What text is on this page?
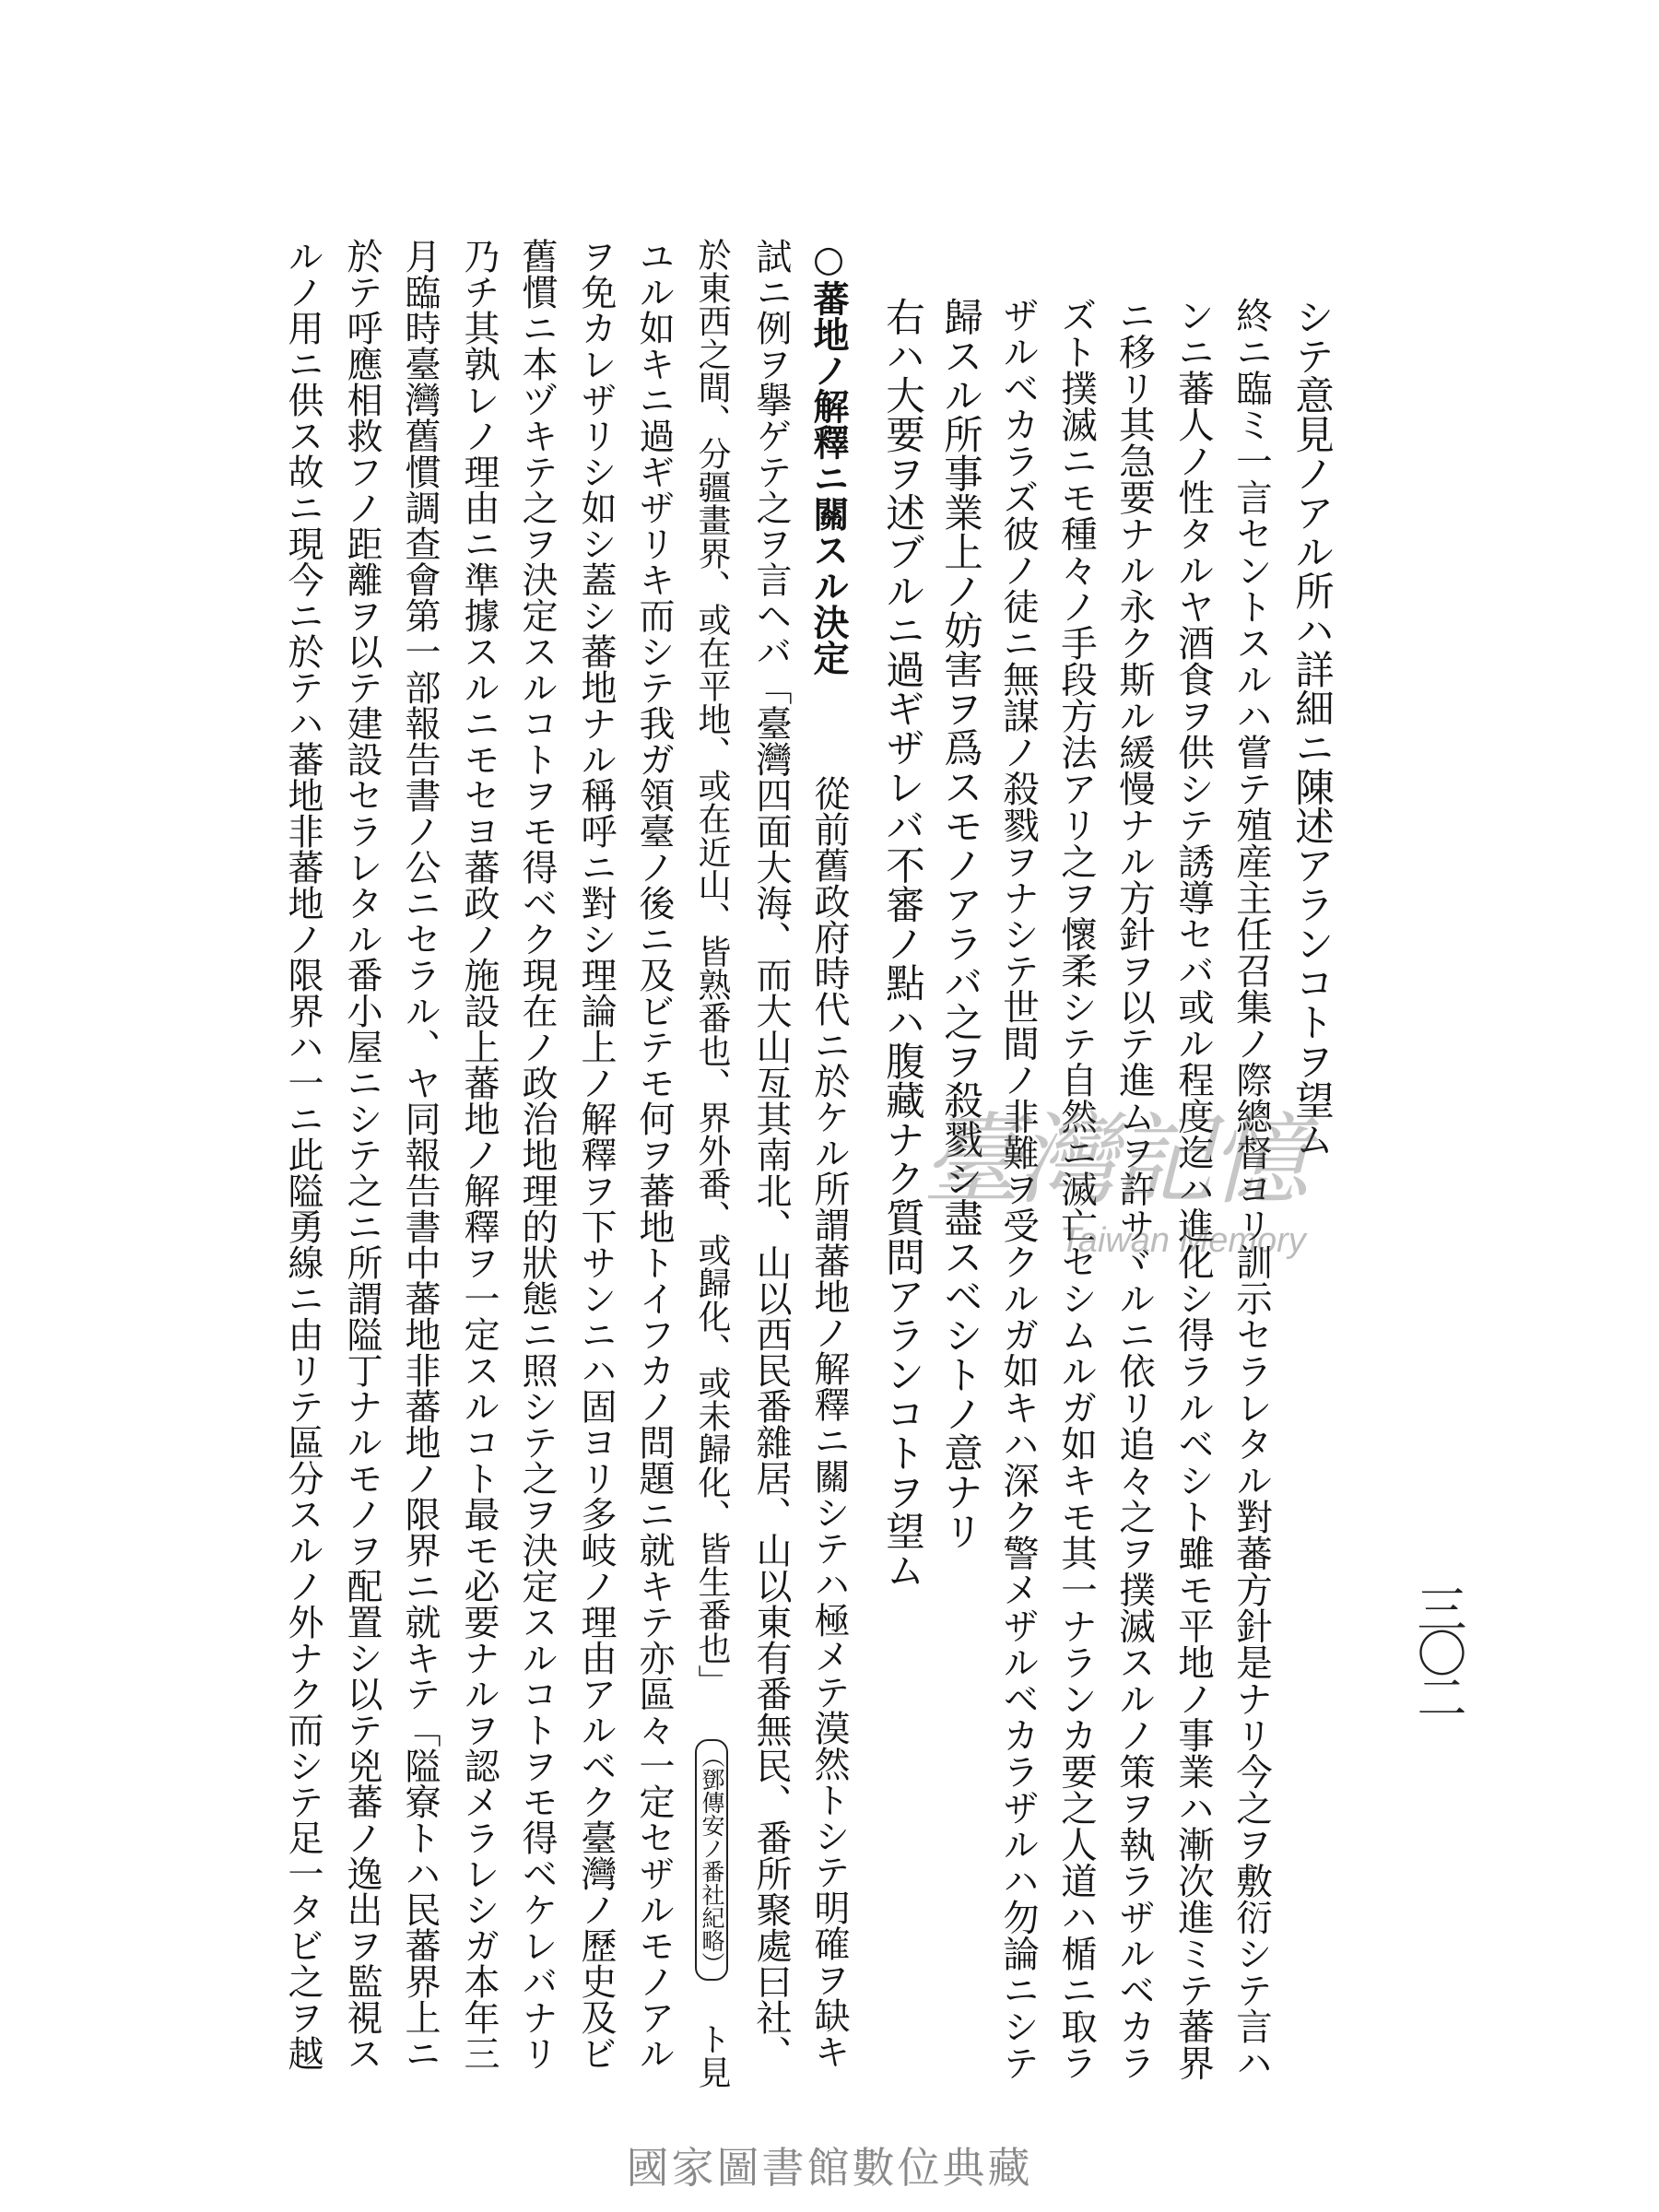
三〇二
シテ意見ノアル所ハ詳細ニ陳述アランコトヲ望ム
終ニ臨ミ一言セントスルハ嘗テ殖産主任召集ノ際總督ヨリ訓示セラレタル對蕃方針是ナリ今之ヲ敷衍シテ言ハ
ンニ蕃人ノ性タルヤ酒食ヲ供シテ誘導セバ或ル程度迄ハ進化シ得ラルベシト雖モ平地ノ事業ハ漸次進ミテ蕃界
ニ移リ其急要ナル永ク斯ル緩慢ナル方針ヲ以テ進ムヲ許サヾルニ依リ追々之ヲ撲滅スルノ策ヲ執ラザルベカラ
ズト撲滅ニモ種々ノ手段方法アリ之ヲ懷柔シテ自然ニ滅亡セシムルガ如キモ其一ナランカ要之人道ハ楯ニ取ラ
ザルベカラズ彼ノ徒ニ無謀ノ殺戮ヲナシテ世間ノ非難ヲ受クルガ如キハ深ク警メザルベカラザルハ勿論ニシテ
歸スル所事業上ノ妨害ヲ爲スモノアラバ之ヲ殺戮シ盡スベシトノ意ナリ
右ハ大要ヲ述ブルニ過ギザレバ不審ノ點ハ腹藏ナク質問アランコトヲ望ム
○蕃地ノ解釋ニ關スル決定  從前舊政府時代ニ於ケル所謂蕃地ノ解釋ニ關シテハ極メテ漠然トシテ明確ヲ缺キ
試ニ例ヲ擧ゲテ之ヲ言ヘバ「臺灣四面大海、而大山亙其南北、山以西民番雜居、山以東有番無民、番所聚處曰社、
於東西之間、分疆畫界、或在平地、或在近山、皆熟番也、界外番、或歸化、或未歸化、皆生番也」 （鄧傳安ノ番社紀略） ト見
ユル如キニ過ギザリキ而シテ我ガ領臺ノ後ニ及ビテモ何ヲ蕃地トイフカノ問題ニ就キテ亦區々一定セザルモノアル
ヲ免カレザリシ如シ蓋シ蕃地ナル稱呼ニ對シ理論上ノ解釋ヲ下サンニハ固ヨリ多岐ノ理由アルベク臺灣ノ歷史及ビ
舊慣ニ本ヅキテ之ヲ決定スルコトヲモ得ベク現在ノ政治地理的狀態ニ照シテ之ヲ決定スルコトヲモ得ベケレバナリ
乃チ其孰レノ理由ニ準據スルニモセヨ蕃政ノ施設上蕃地ノ解釋ヲ一定スルコト最モ必要ナルヲ認メラレシガ本年三
月臨時臺灣舊慣調查會第一部報告書ノ公ニセラル、ヤ同報告書中蕃地非蕃地ノ限界ニ就キテ「隘寮トハ民蕃界上ニ
於テ呼應相救フノ距離ヲ以テ建設セラレタル番小屋ニシテ之ニ所謂隘丁ナルモノヲ配置シ以テ兇蕃ノ逸出ヲ監視ス
ルノ用ニ供ス故ニ現今ニ於テハ蕃地非蕃地ノ限界ハ一ニ此隘勇線ニ由リテ區分スルノ外ナク而シテ足一タビ之ヲ越	臺灣記憶
Taiwan Memory
國家圖書館數位典藏
